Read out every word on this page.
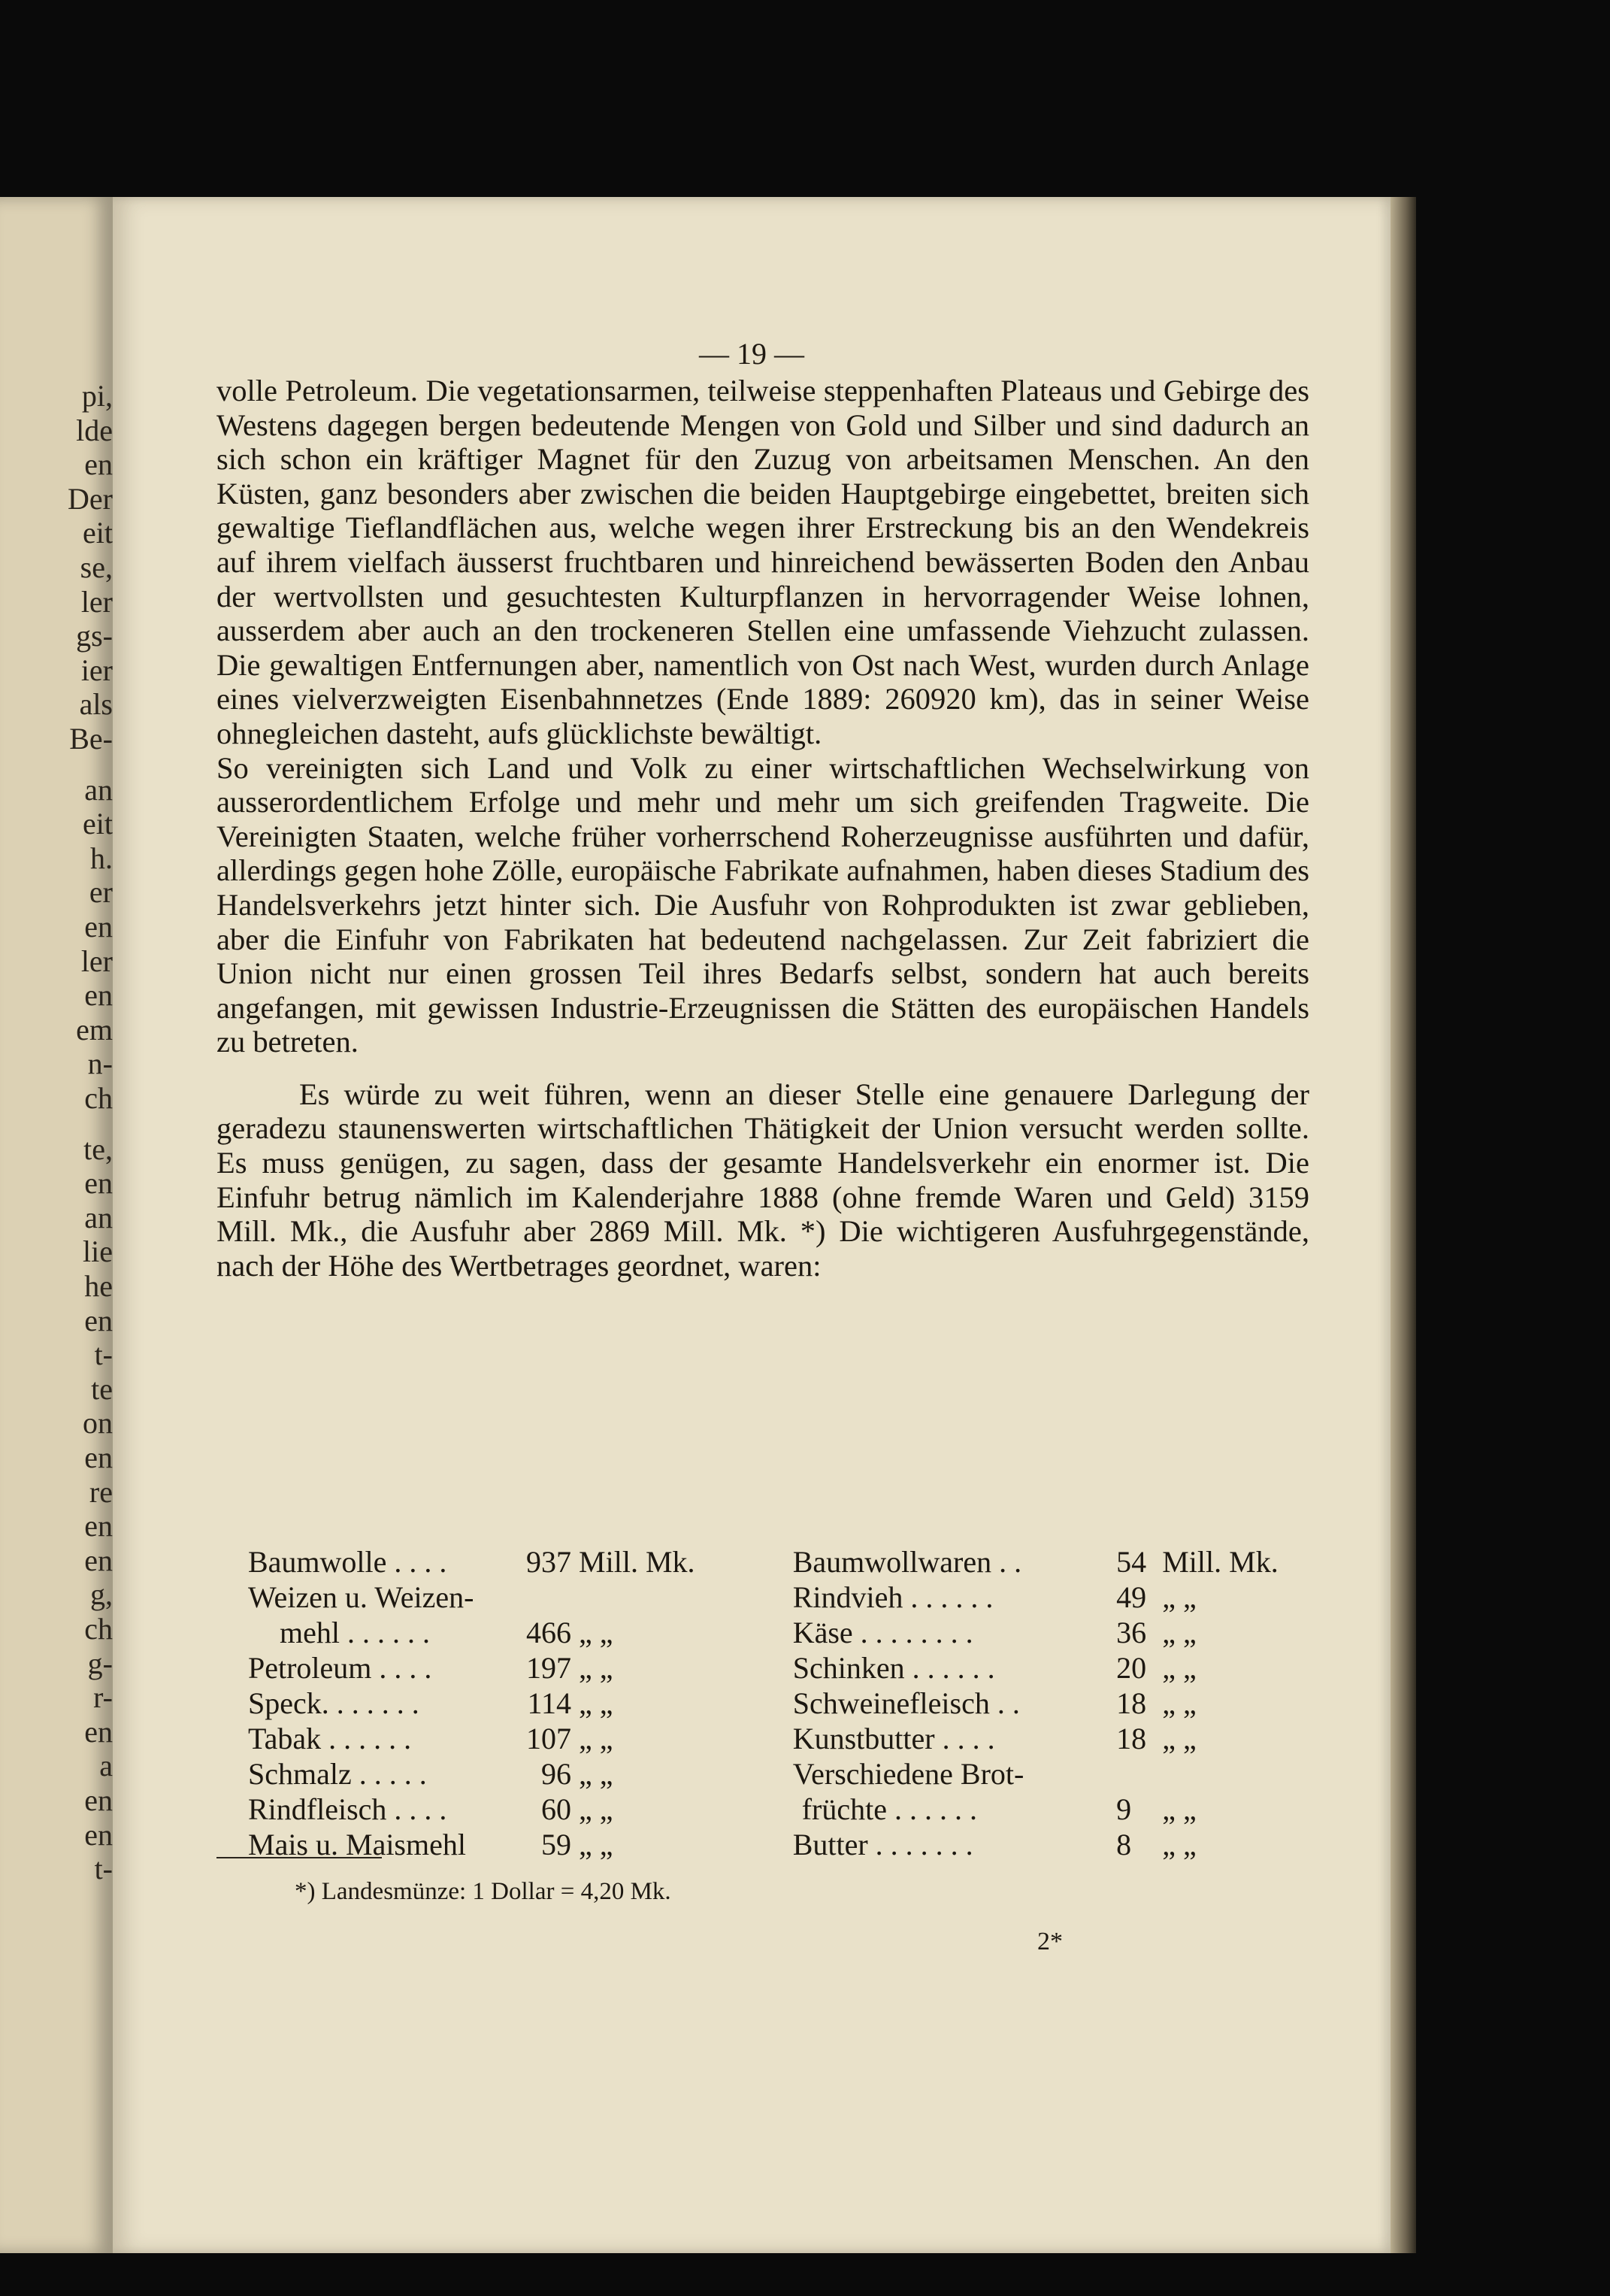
pi,
lde
en
Der
eit
se,
ler
gs-
ier
als
Be-
an
eit
h.
er
en
ler
en
em
n-
ch
te,
en
an
lie
he
en
t-
te
on
en
re
en
en
g,
ch
g-
r-
en
a
en
en
t-
— 19 —

volle Petroleum. Die vegetationsarmen, teilweise steppenhaften Plateaus und Gebirge des Westens dagegen bergen bedeutende Mengen von Gold und Silber und sind dadurch an sich schon ein kräftiger Magnet für den Zuzug von arbeitsamen Menschen. An den Küsten, ganz besonders aber zwischen die beiden Hauptgebirge eingebettet, breiten sich gewaltige Tieflandflächen aus, welche wegen ihrer Erstreckung bis an den Wendekreis auf ihrem vielfach äusserst fruchtbaren und hinreichend bewässerten Boden den Anbau der wertvollsten und gesuchtesten Kulturpflanzen in hervorragender Weise lohnen, ausserdem aber auch an den trockeneren Stellen eine umfassende Viehzucht zulassen. Die gewaltigen Entfernungen aber, namentlich von Ost nach West, wurden durch Anlage eines vielverzweigten Eisenbahnnetzes (Ende 1889: 260920 km), das in seiner Weise ohnegleichen dasteht, aufs glücklichste bewältigt.

So vereinigten sich Land und Volk zu einer wirtschaftlichen Wechselwirkung von ausserordentlichem Erfolge und mehr und mehr um sich greifenden Tragweite. Die Vereinigten Staaten, welche früher vorherrschend Roherzeugnisse ausführten und dafür, allerdings gegen hohe Zölle, europäische Fabrikate aufnahmen, haben dieses Stadium des Handelsverkehrs jetzt hinter sich. Die Ausfuhr von Rohprodukten ist zwar geblieben, aber die Einfuhr von Fabrikaten hat bedeutend nachgelassen. Zur Zeit fabriziert die Union nicht nur einen grossen Teil ihres Bedarfs selbst, sondern hat auch bereits angefangen, mit gewissen Industrie-Erzeugnissen die Stätten des europäischen Handels zu betreten.

Es würde zu weit führen, wenn an dieser Stelle eine genauere Darlegung der geradezu staunenswerten wirtschaftlichen Thätigkeit der Union versucht werden sollte. Es muss genügen, zu sagen, dass der gesamte Handelsverkehr ein enormer ist. Die Einfuhr betrug nämlich im Kalenderjahre 1888 (ohne fremde Waren und Geld) 3159 Mill. Mk., die Ausfuhr aber 2869 Mill. Mk. *) Die wichtigeren Ausfuhrgegenstände, nach der Höhe des Wertbetrages geordnet, waren:

Baumwolle . . . .	937	Mill. Mk.	Baumwollwaren . .	54	Mill. Mk.
Weizen u. Weizen-			Rindvieh . . . . . .	49	„ „
mehl . . . . . .	466	„ „	Käse . . . . . . . .	36	„ „
Petroleum . . . .	197	„ „	Schinken . . . . . .	20	„ „
Speck. . . . . . .	114	„ „	Schweinefleisch . .	18	„ „
Tabak . . . . . .	107	„ „	Kunstbutter . . . .	18	„ „
Schmalz . . . . .	96	„ „	Verschiedene Brot-		
Rindfleisch . . . .	60	„ „	früchte . . . . . .	9	„ „
Mais u. Maismehl	59	„ „	Butter . . . . . . .	8	„ „
*) Landesmünze: 1 Dollar = 4,20 Mk.
2*
